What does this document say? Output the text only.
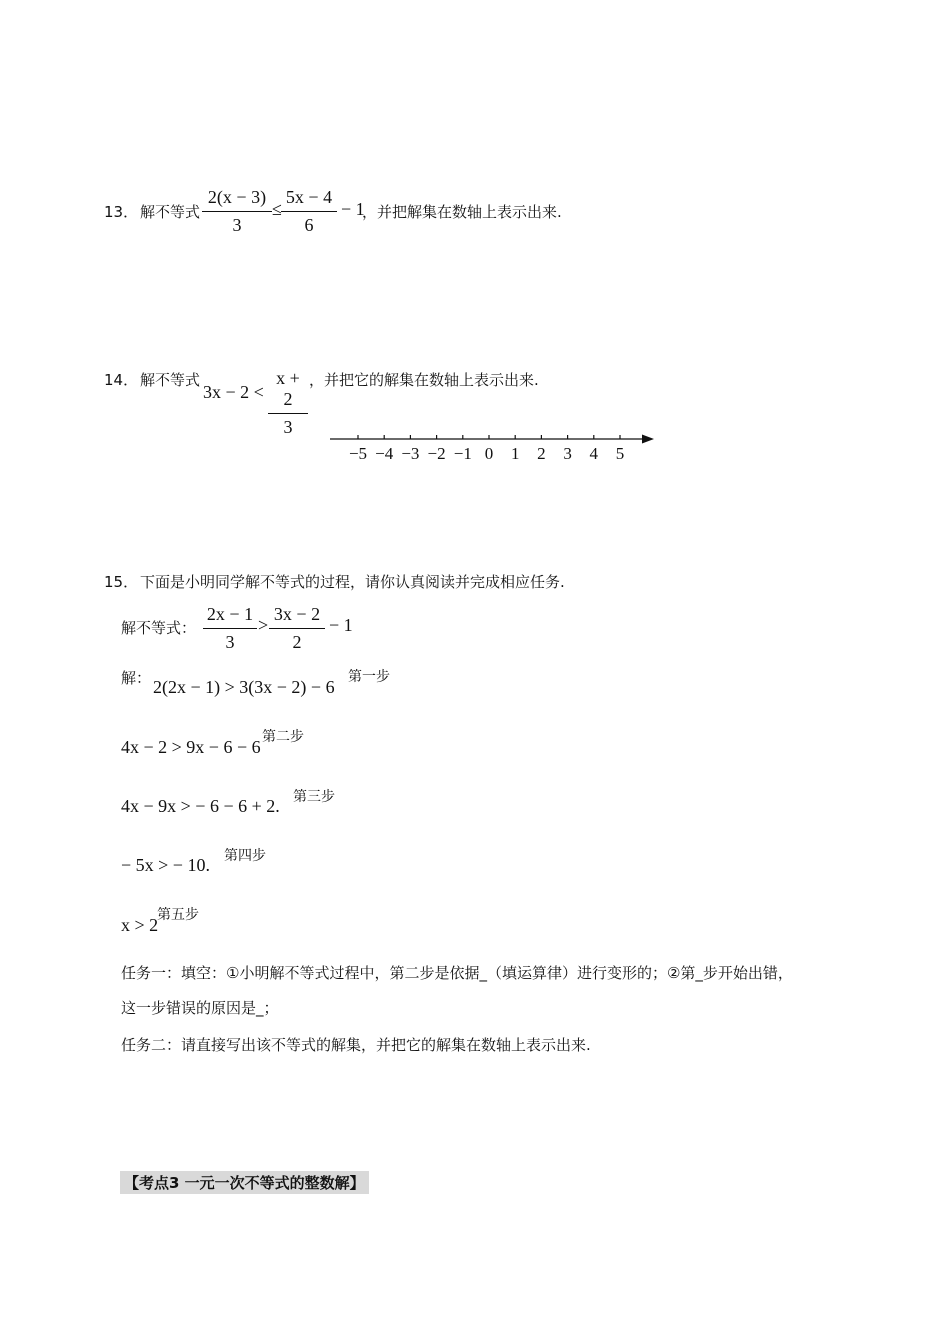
13． 解不等式 $\frac{2(x - 3)}{3} \le \frac{5x - 4}{6} - 1$
，并把解集在数轴上表示出来.
14． 解不等式
$3x - 2 < \frac{x + 2}{3}$ ，并把它的解集在数轴上表示出来.
−5 −4 −3 −2 −1 0 1 2 3 4 5
15． 下面是小明同学解不等式的过程，请你认真阅读并完成相应任务.
解不等式： $\frac{2x - 1}{3} > \frac{3x - 2}{2} - 1$
解： 2(2x − 1) > 3(3x − 2) − 6 第一步
4x − 2 > 9x − 6 − 6 第二步
4x − 9x > − 6 − 6 + 2. 第三步
− 5x > − 10. 第四步
x > 2
第五步
任务一：填空：①小明解不等式过程中，第二步是依据_（填运算律）进行变形的；②第_步开始出错，
这一步错误的原因是_；
任务二：请直接写出该不等式的解集，并把它的解集在数轴上表示出来.
【考点3 一元一次不等式的整数解】
